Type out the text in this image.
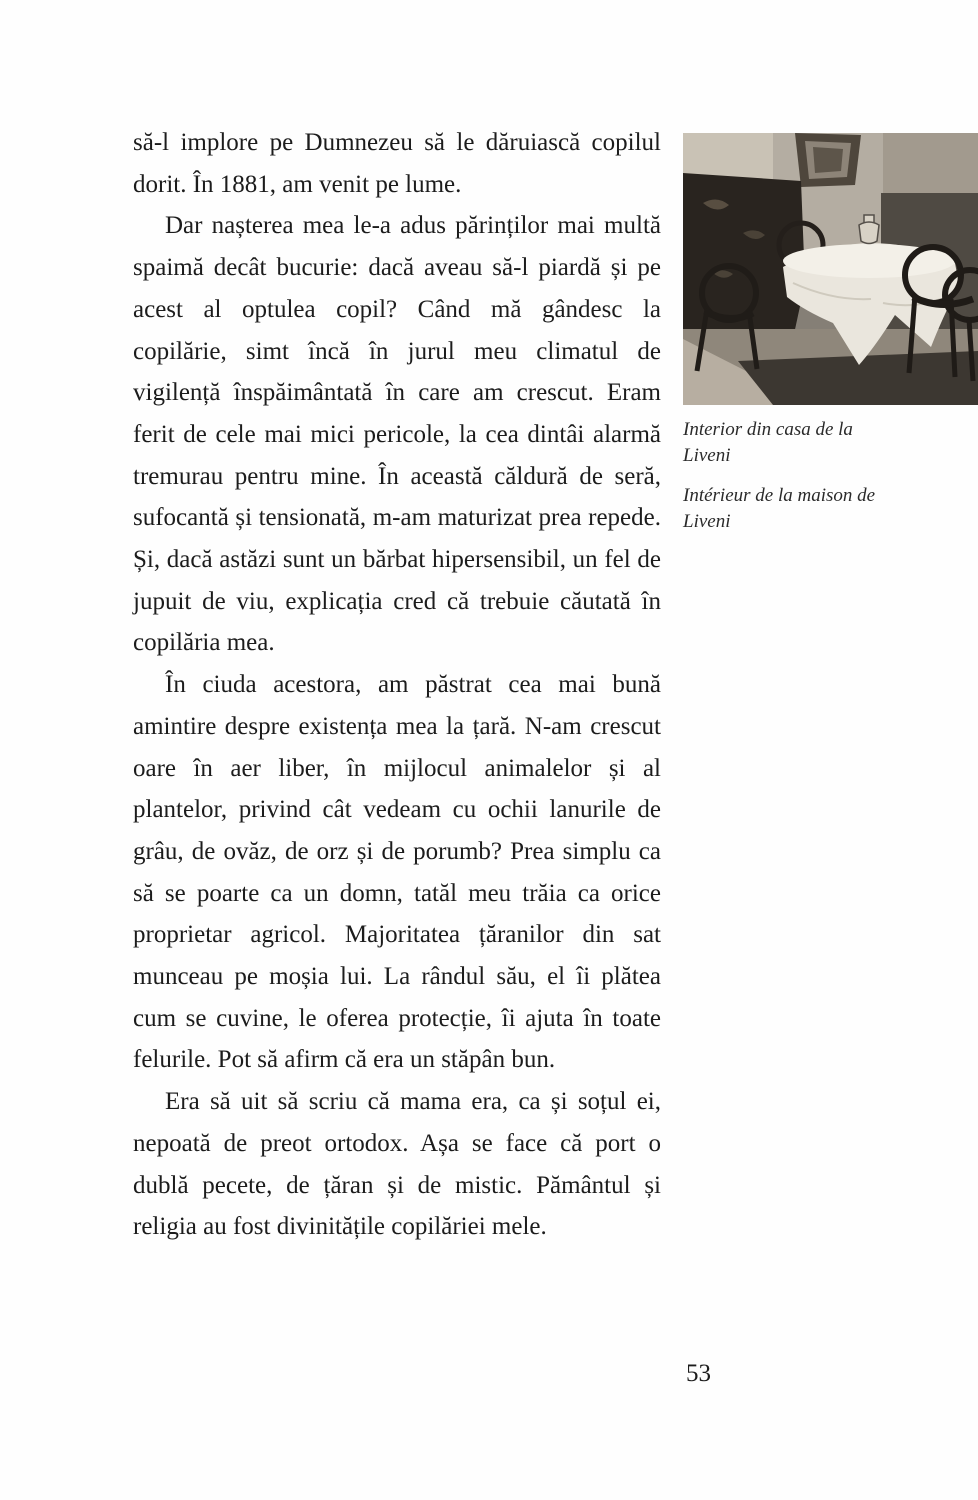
să-l implore pe Dumnezeu să le dăruiască copilul dorit. În 1881, am venit pe lume.

Dar nașterea mea le-a adus părinților mai multă spaimă decât bucurie: dacă aveau să-l piardă și pe acest al optulea copil? Când mă gândesc la copilărie, simt încă în jurul meu climatul de vigilență înspăimântată în care am crescut. Eram ferit de cele mai mici pericole, la cea dintâi alarmă tremurau pentru mine. În această căldură de seră, sufocantă și tensionată, m-am maturizat prea repede. Și, dacă astăzi sunt un bărbat hipersensibil, un fel de jupuit de viu, explicația cred că trebuie căutată în copilăria mea.

În ciuda acestora, am păstrat cea mai bună amintire despre existența mea la țară. N-am crescut oare în aer liber, în mijlocul animalelor și al plantelor, privind cât vedeam cu ochii lanurile de grâu, de ovăz, de orz și de porumb? Prea simplu ca să se poarte ca un domn, tatăl meu trăia ca orice proprietar agricol. Majoritatea țăranilor din sat munceau pe moșia lui. La rândul său, el îi plătea cum se cuvine, le oferea protecție, îi ajuta în toate felurile. Pot să afirm că era un stăpân bun.

Era să uit să scriu că mama era, ca și soțul ei, nepoată de preot ortodox. Așa se face că port o dublă pecete, de țăran și de mistic. Pământul și religia au fost divinitățile copilăriei mele.

Interior din casa de la Liveni

Intérieur de la maison de Liveni

53
